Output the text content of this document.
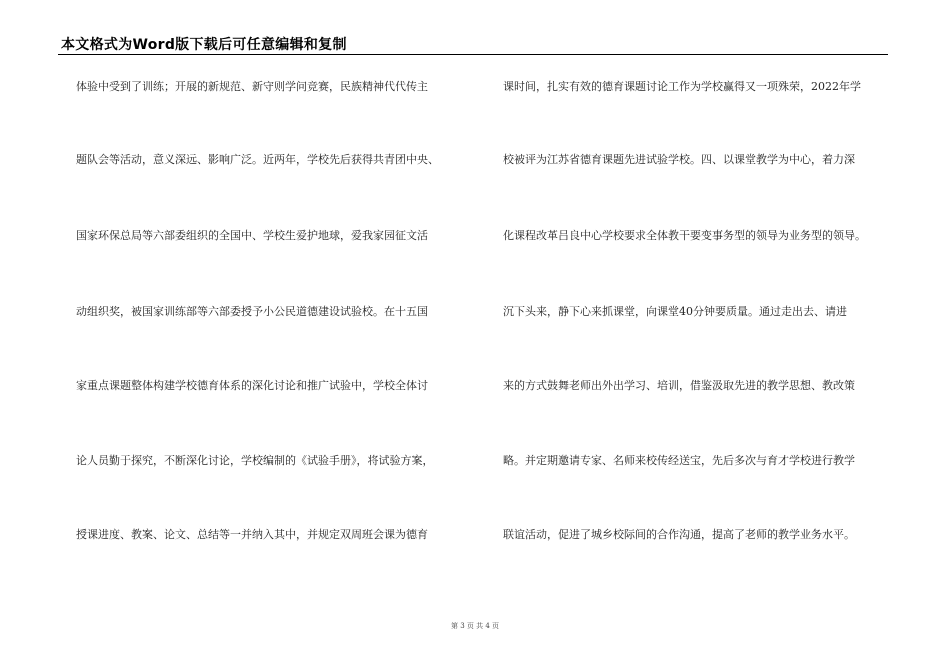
本文格式为Word版下载后可任意编辑和复制
体验中受到了训练；开展的新规范、新守则学问竞赛，民族精神代代传主
题队会等活动，意义深远、影响广泛。近两年，学校先后获得共青团中央、
国家环保总局等六部委组织的全国中、学校生爱护地球，爱我家园征文活
动组织奖，被国家训练部等六部委授予小公民道德建设试验校。在十五国
家重点课题整体构建学校德育体系的深化讨论和推广试验中，学校全体讨
论人员勤于探究，不断深化讨论，学校编制的《试验手册》，将试验方案，
授课进度、教案、论文、总结等一并纳入其中，并规定双周班会课为德育
课时间，扎实有效的德育课题讨论工作为学校赢得又一项殊荣，2022年学
校被评为江苏省德育课题先进试验学校。四、以课堂教学为中心，着力深
化课程改革吕良中心学校要求全体教干要变事务型的领导为业务型的领导。
沉下头来，静下心来抓课堂，向课堂40分钟要质量。通过走出去、请进
来的方式鼓舞老师出外出学习、培训，借鉴汲取先进的教学思想、教改策
略。并定期邀请专家、名师来校传经送宝，先后多次与育才学校进行教学
联谊活动，促进了城乡校际间的合作沟通，提高了老师的教学业务水平。
第 3 页 共 4 页
